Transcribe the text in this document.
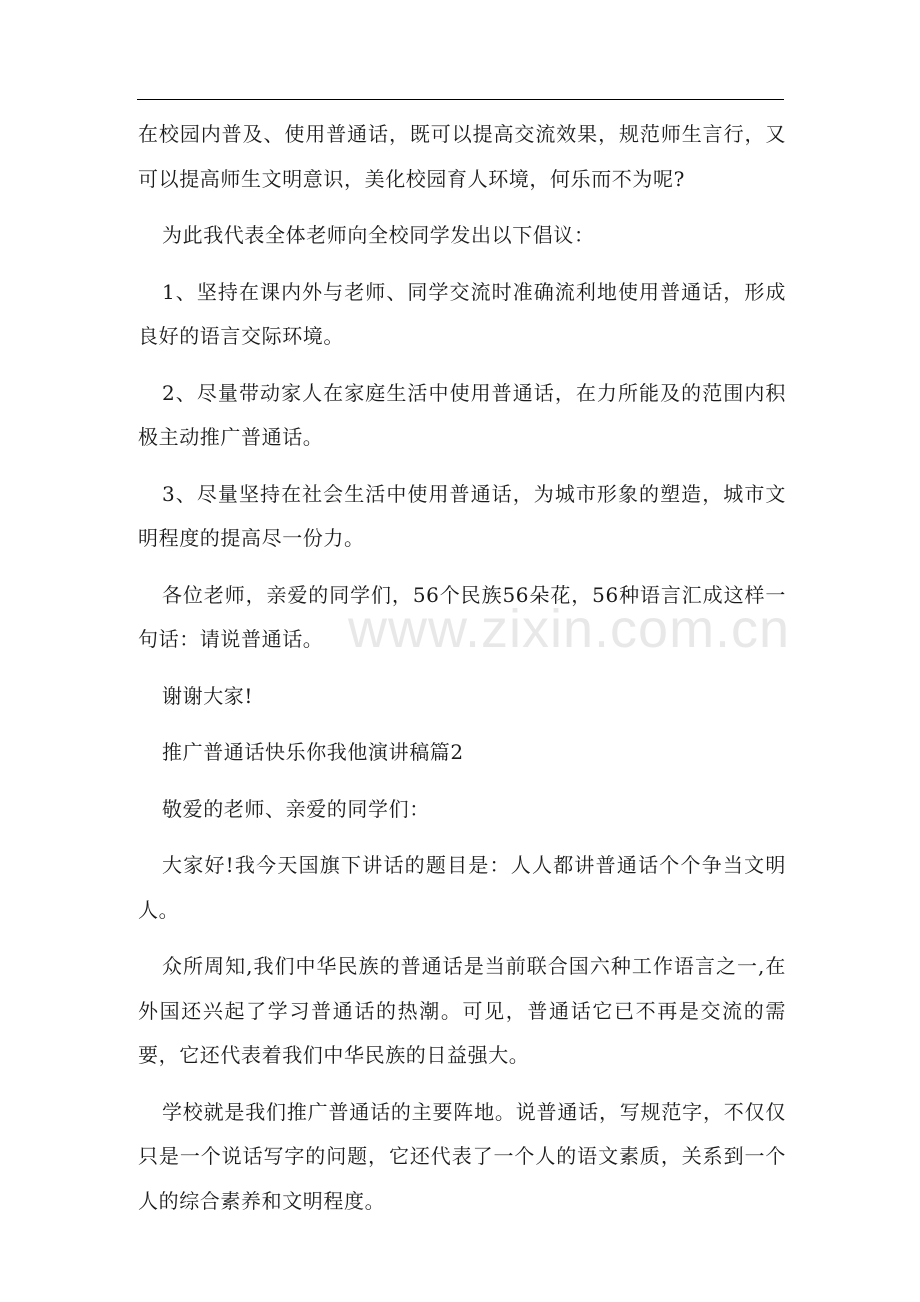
在校园内普及、使用普通话，既可以提高交流效果，规范师生言行，又可以提高师生文明意识，美化校园育人环境，何乐而不为呢?

为此我代表全体老师向全校同学发出以下倡议：

1、坚持在课内外与老师、同学交流时准确流利地使用普通话，形成良好的语言交际环境。

2、尽量带动家人在家庭生活中使用普通话，在力所能及的范围内积极主动推广普通话。

3、尽量坚持在社会生活中使用普通话，为城市形象的塑造，城市文明程度的提高尽一份力。

各位老师，亲爱的同学们，56个民族56朵花，56种语言汇成这样一句话：请说普通话。

谢谢大家!

推广普通话快乐你我他演讲稿篇2

敬爱的老师、亲爱的同学们：

大家好!我今天国旗下讲话的题目是：人人都讲普通话个个争当文明人。

众所周知,我们中华民族的普通话是当前联合国六种工作语言之一,在外国还兴起了学习普通话的热潮。可见，普通话它已不再是交流的需要，它还代表着我们中华民族的日益强大。

学校就是我们推广普通话的主要阵地。说普通话，写规范字，不仅仅只是一个说话写字的问题，它还代表了一个人的语文素质，关系到一个人的综合素养和文明程度。

www.zixin.com.cn
